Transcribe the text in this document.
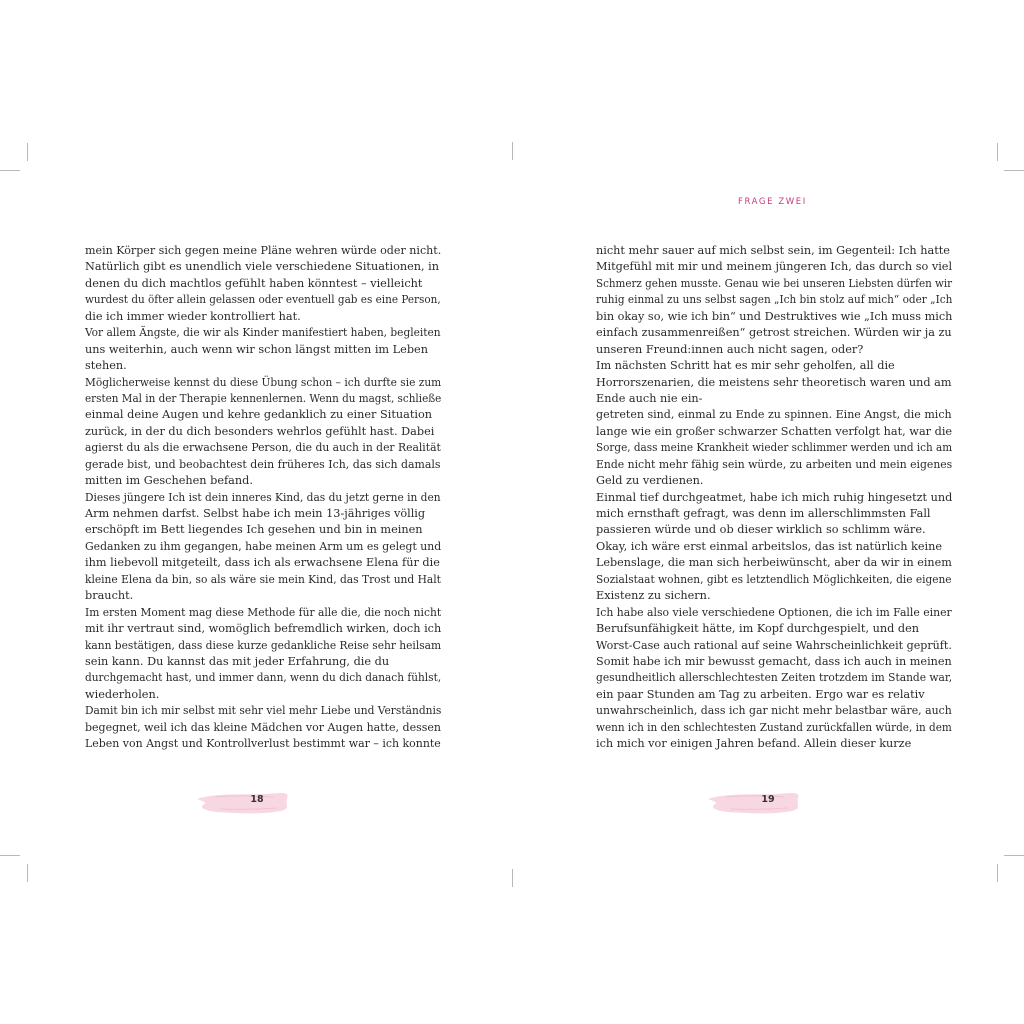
FRAGE ZWEI
mein Körper sich gegen meine Pläne wehren würde oder nicht.
Natürlich gibt es unendlich viele verschiedene Situationen, in
denen du dich machtlos gefühlt haben könntest – vielleicht
wurdest du öfter allein gelassen oder eventuell gab es eine Person,
die ich immer wieder kontrolliert hat.
Vor allem Ängste, die wir als Kinder manifestiert haben, begleiten
uns weiterhin, auch wenn wir schon längst mitten im Leben
stehen.
Möglicherweise kennst du diese Übung schon – ich durfte sie zum
ersten Mal in der Therapie kennenlernen. Wenn du magst, schließe
einmal deine Augen und kehre gedanklich zu einer Situation
zurück, in der du dich besonders wehrlos gefühlt hast. Dabei
agierst du als die erwachsene Person, die du auch in der Realität
gerade bist, und beobachtest dein früheres Ich, das sich damals
mitten im Geschehen befand.
Dieses jüngere Ich ist dein inneres Kind, das du jetzt gerne in den
Arm nehmen darfst. Selbst habe ich mein 13-jähriges völlig
erschöpft im Bett liegendes Ich gesehen und bin in meinen
Gedanken zu ihm gegangen, habe meinen Arm um es gelegt und
ihm liebevoll mitgeteilt, dass ich als erwachsene Elena für die
kleine Elena da bin, so als wäre sie mein Kind, das Trost und Halt
braucht.
Im ersten Moment mag diese Methode für alle die, die noch nicht
mit ihr vertraut sind, womöglich befremdlich wirken, doch ich
kann bestätigen, dass diese kurze gedankliche Reise sehr heilsam
sein kann. Du kannst das mit jeder Erfahrung, die du
durchgemacht hast, und immer dann, wenn du dich danach fühlst,
wiederholen.
Damit bin ich mir selbst mit sehr viel mehr Liebe und Verständnis
begegnet, weil ich das kleine Mädchen vor Augen hatte, dessen
Leben von Angst und Kontrollverlust bestimmt war – ich konnte
nicht mehr sauer auf mich selbst sein, im Gegenteil: Ich hatte
Mitgefühl mit mir und meinem jüngeren Ich, das durch so viel
Schmerz gehen musste. Genau wie bei unseren Liebsten dürfen wir
ruhig einmal zu uns selbst sagen „Ich bin stolz auf mich“ oder „Ich
bin okay so, wie ich bin“ und Destruktives wie „Ich muss mich
einfach zusammenreißen“ getrost streichen. Würden wir ja zu
unseren Freund:innen auch nicht sagen, oder?
Im nächsten Schritt hat es mir sehr geholfen, all die
Horrorszenarien, die meistens sehr theoretisch waren und am
Ende auch nie ein-
getreten sind, einmal zu Ende zu spinnen. Eine Angst, die mich
lange wie ein großer schwarzer Schatten verfolgt hat, war die
Sorge, dass meine Krankheit wieder schlimmer werden und ich am
Ende nicht mehr fähig sein würde, zu arbeiten und mein eigenes
Geld zu verdienen.
Einmal tief durchgeatmet, habe ich mich ruhig hingesetzt und
mich ernsthaft gefragt, was denn im allerschlimmsten Fall
passieren würde und ob dieser wirklich so schlimm wäre.
Okay, ich wäre erst einmal arbeitslos, das ist natürlich keine
Lebenslage, die man sich herbeiwünscht, aber da wir in einem
Sozialstaat wohnen, gibt es letztendlich Möglichkeiten, die eigene
Existenz zu sichern.
Ich habe also viele verschiedene Optionen, die ich im Falle einer
Berufsunfähigkeit hätte, im Kopf durchgespielt, und den
Worst-Case auch rational auf seine Wahrscheinlichkeit geprüft.
Somit habe ich mir bewusst gemacht, dass ich auch in meinen
gesundheitlich allerschlechtesten Zeiten trotzdem im Stande war,
ein paar Stunden am Tag zu arbeiten. Ergo war es relativ
unwahrscheinlich, dass ich gar nicht mehr belastbar wäre, auch
wenn ich in den schlechtesten Zustand zurückfallen würde, in dem
ich mich vor einigen Jahren befand. Allein dieser kurze
18	19
